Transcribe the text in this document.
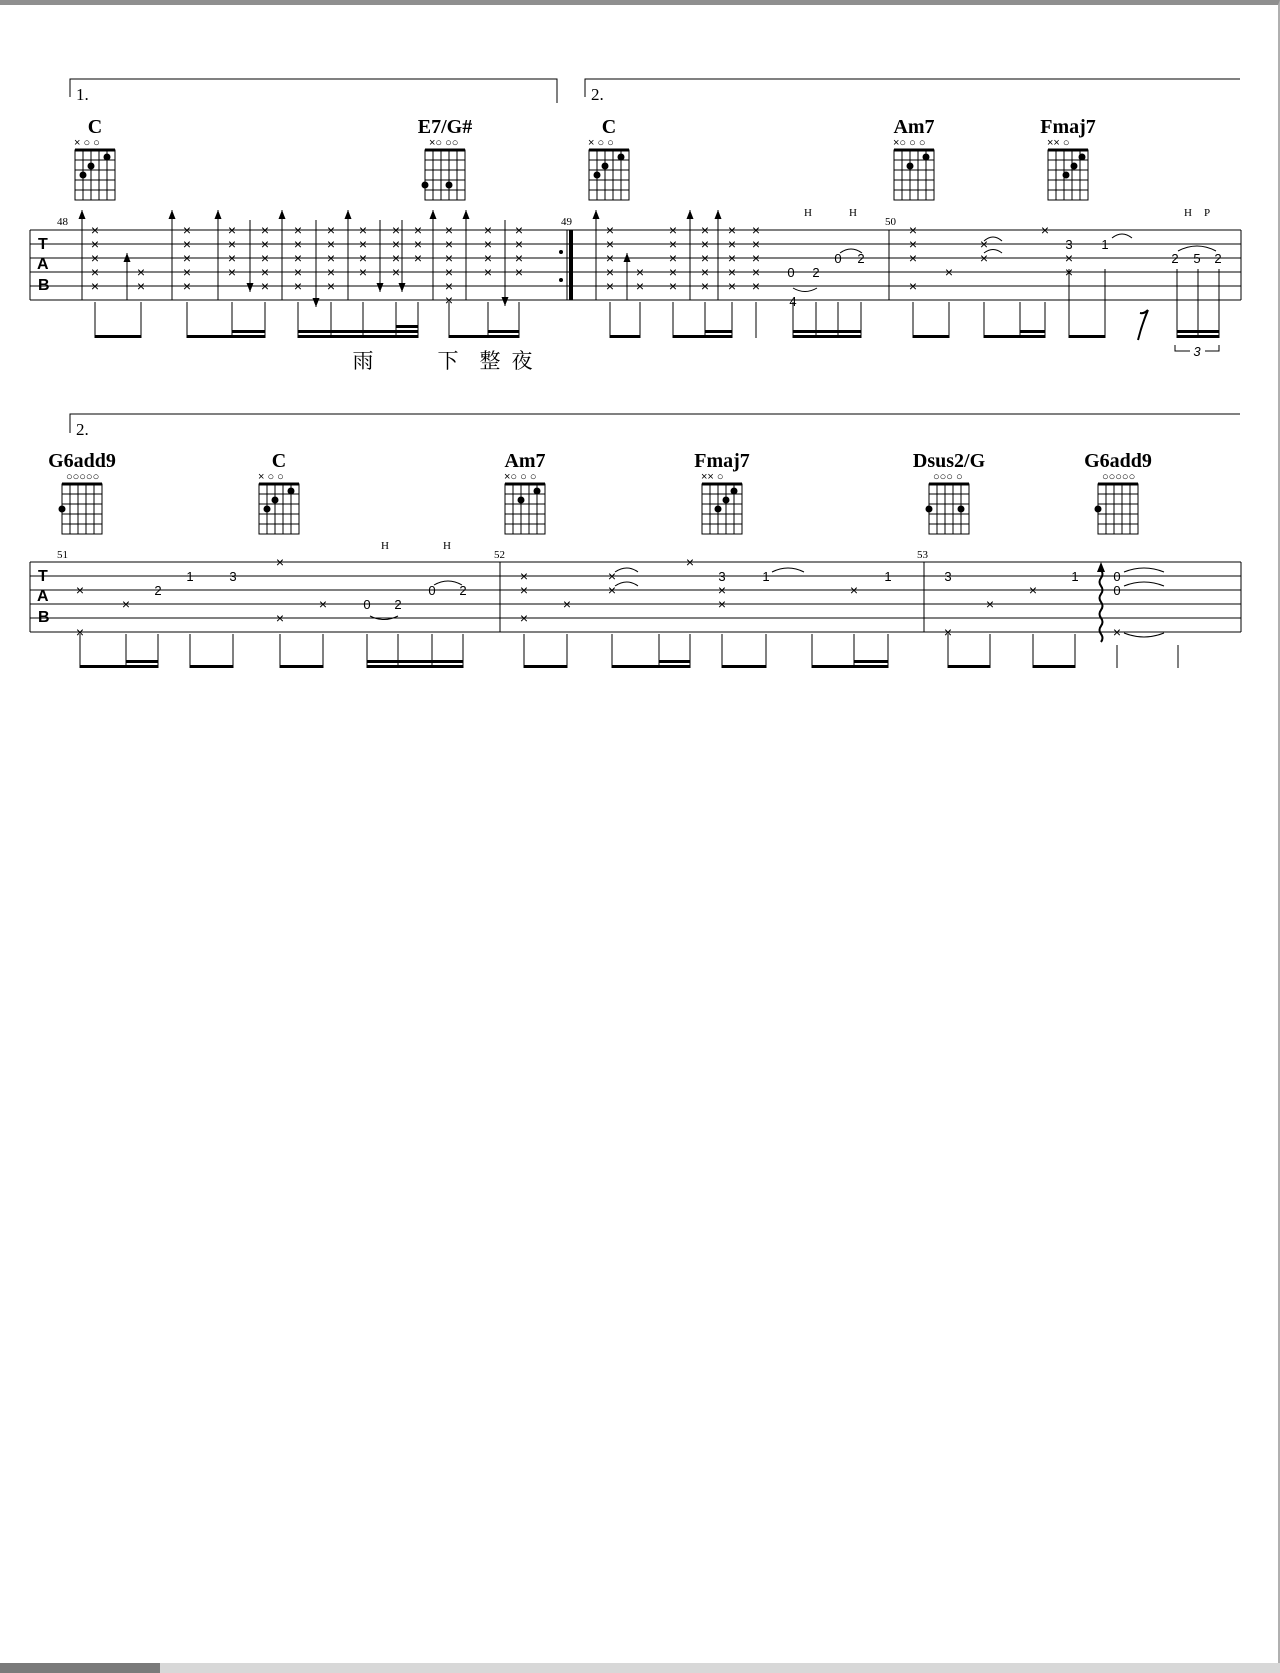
1.	2.
C
× ○ ○
E7/G#
×○ ○○
C
× ○ ○
Am7
×○ ○ ○
Fmaj7
×× ○
48	49	50
T
A
B
×
×
×
×
×
×
×
×
×
×
×
×
×
×
×
×
×
×
×
×
×
×
×
×
×
×
×
×
×
×
×
×
×
×
×
×
×
×
×
×
×
×
×
×
×
×
×
×
×
×
×
×
×
×
×
×
×
×
×
×
×
×
×
×
×
×
×
×
×
×
×
×
×
×
×
×
×
×
×
×
×
×
×
×
×
×
×
×
×
×
×
×
×
H	H	H P
0 2
4
0 2
3 1
2 5 2
3
雨	下 整 夜
2.
G6add9
○○○○○
C
× ○ ○
Am7
×○ ○ ○
Fmaj7
×× ○
Dsus2/G
○○○ ○
G6add9
○○○○○
51	52	53
T
A
B
×
×
×
×
×
×
×
×
×
×
×
×
×
×
×
×
×
×
×
×
H	H
2
1	3
0 2
0 2
3	1	1	3	1	0
0
